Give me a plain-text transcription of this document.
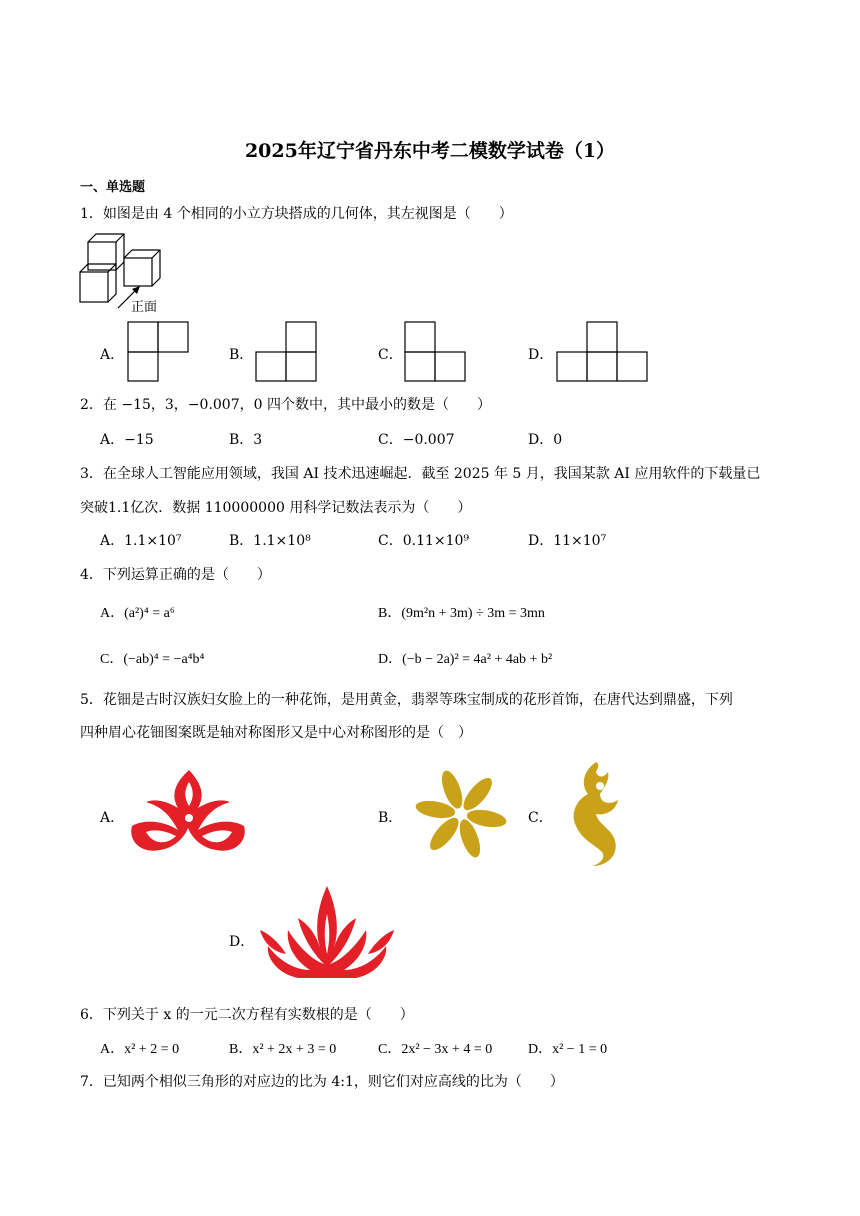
2025年辽宁省丹东中考二模数学试卷（1）
一、单选题
1．如图是由 4 个相同的小立方块搭成的几何体，其左视图是（　　）
正面
A．	B．	C．	D．
2．在 −15，3，−0.007，0 四个数中，其中最小的数是（　　）
A．−15	B．3	C．−0.007	D．0
3．在全球人工智能应用领域，我国 AI 技术迅速崛起．截至 2025 年 5 月，我国某款 AI 应用软件的下载量已
突破1.1亿次．数据 110000000 用科学记数法表示为（　　）
A．1.1×10⁷	B．1.1×10⁸	C．0.11×10⁹	D．11×10⁷
4．下列运算正确的是（　　）
A．(a²)⁴ = a⁶	B．(9m²n + 3m) ÷ 3m = 3mn
C．(−ab)⁴ = −a⁴b⁴	D．(−b − 2a)² = 4a² + 4ab + b²
5．花钿是古时汉族妇女脸上的一种花饰，是用黄金，翡翠等珠宝制成的花形首饰，在唐代达到鼎盛，下列
四种眉心花钿图案既是轴对称图形又是中心对称图形的是（　）
A．	B．	C．
D．
6．下列关于 x 的一元二次方程有实数根的是（　　）
A．x² + 2 = 0	B．x² + 2x + 3 = 0	C．2x² − 3x + 4 = 0	D．x² − 1 = 0
7．已知两个相似三角形的对应边的比为 4:1，则它们对应高线的比为（　　）
